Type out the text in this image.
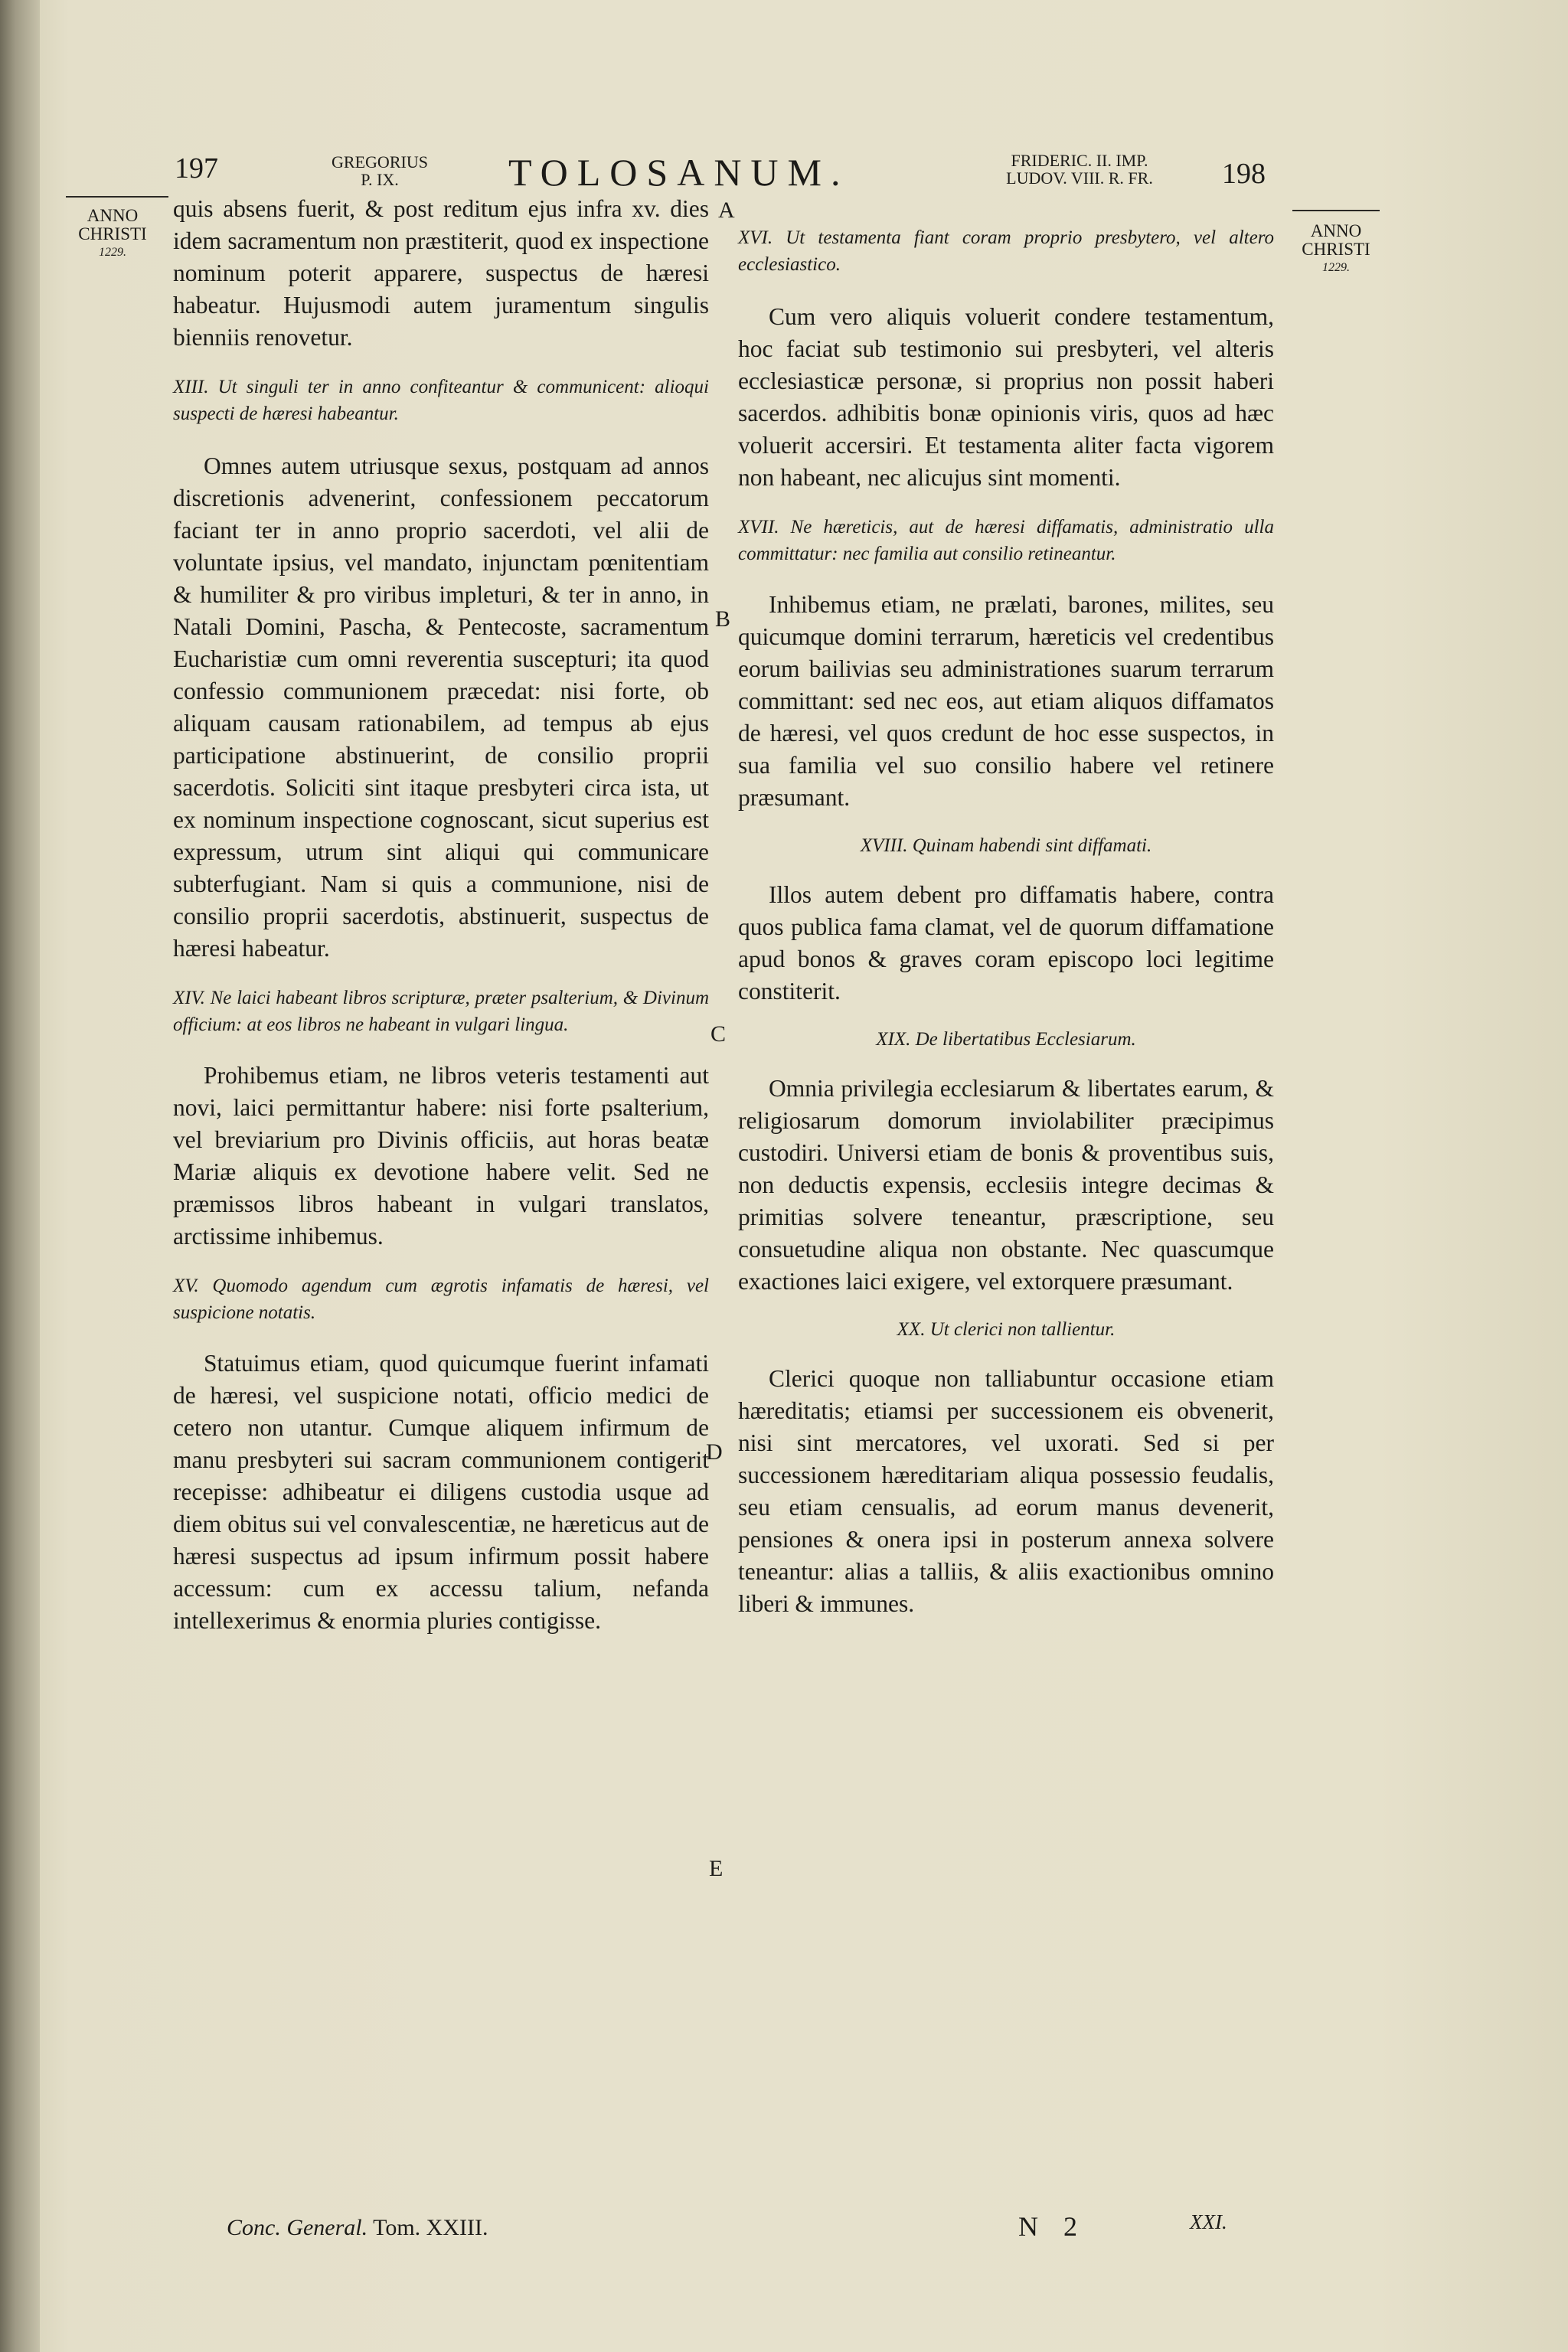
197	GREGORIUS
P. IX.	TOLOSANUM.	FRIDERIC. II. IMP.
LUDOV. VIII. R. FR.	198
ANNO
CHRISTI
1229.
ANNO
CHRISTI
1229.
A
B
C
D
E

quis absens fuerit, & post reditum ejus infra xv. dies idem sacramentum non præstiterit, quod ex inspectione nominum poterit apparere, suspectus de hæresi habeatur. Hujusmodi autem juramentum singulis bienniis renovetur.

XIII. Ut singuli ter in anno confiteantur & communicent: alioqui suspecti de hæresi habeantur.

Omnes autem utriusque sexus, postquam ad annos discretionis advenerint, confessionem peccatorum faciant ter in anno proprio sacerdoti, vel alii de voluntate ipsius, vel mandato, injunctam pœnitentiam & humiliter & pro viribus impleturi, & ter in anno, in Natali Domini, Pascha, & Pentecoste, sacramentum Eucharistiæ cum omni reverentia suscepturi; ita quod confessio communionem præcedat: nisi forte, ob aliquam causam rationabilem, ad tempus ab ejus participatione abstinuerint, de consilio proprii sacerdotis. Soliciti sint itaque presbyteri circa ista, ut ex nominum inspectione cognoscant, sicut superius est expressum, utrum sint aliqui qui communicare subterfugiant. Nam si quis a communione, nisi de consilio proprii sacerdotis, abstinuerit, suspectus de hæresi habeatur.

XIV. Ne laici habeant libros scripturæ, præter psalterium, & Divinum officium: at eos libros ne habeant in vulgari lingua.

Prohibemus etiam, ne libros veteris testamenti aut novi, laici permittantur habere: nisi forte psalterium, vel breviarium pro Divinis officiis, aut horas beatæ Mariæ aliquis ex devotione habere velit. Sed ne præmissos libros habeant in vulgari translatos, arctissime inhibemus.

XV. Quomodo agendum cum ægrotis infamatis de hæresi, vel suspicione notatis.

Statuimus etiam, quod quicumque fuerint infamati de hæresi, vel suspicione notati, officio medici de cetero non utantur. Cumque aliquem infirmum de manu presbyteri sui sacram communionem contigerit recepisse: adhibeatur ei diligens custodia usque ad diem obitus sui vel convalescentiæ, ne hæreticus aut de hæresi suspectus ad ipsum infirmum possit habere accessum: cum ex accessu talium, nefanda intellexerimus & enormia pluries contigisse.

XVI. Ut testamenta fiant coram proprio presbytero, vel altero ecclesiastico.

Cum vero aliquis voluerit condere testamentum, hoc faciat sub testimonio sui presbyteri, vel alteris ecclesiasticæ personæ, si proprius non possit haberi sacerdos. adhibitis bonæ opinionis viris, quos ad hæc voluerit accersiri. Et testamenta aliter facta vigorem non habeant, nec alicujus sint momenti.

XVII. Ne hæreticis, aut de hæresi diffamatis, administratio ulla committatur: nec familia aut consilio retineantur.

Inhibemus etiam, ne prælati, barones, milites, seu quicumque domini terrarum, hæreticis vel credentibus eorum bailivias seu administrationes suarum terrarum committant: sed nec eos, aut etiam aliquos diffamatos de hæresi, vel quos credunt de hoc esse suspectos, in sua familia vel suo consilio habere vel retinere præsumant.

XVIII. Quinam habendi sint diffamati.

Illos autem debent pro diffamatis habere, contra quos publica fama clamat, vel de quorum diffamatione apud bonos & graves coram episcopo loci legitime constiterit.

XIX. De libertatibus Ecclesiarum.

Omnia privilegia ecclesiarum & libertates earum, & religiosarum domorum inviolabiliter præcipimus custodiri. Universi etiam de bonis & proventibus suis, non deductis expensis, ecclesiis integre decimas & primitias solvere teneantur, præscriptione, seu consuetudine aliqua non obstante. Nec quascumque exactiones laici exigere, vel extorquere præsumant.

XX. Ut clerici non tallientur.

Clerici quoque non talliabuntur occasione etiam hæreditatis; etiamsi per successionem eis obvenerit, nisi sint mercatores, vel uxorati. Sed si per successionem hæreditariam aliqua possessio feudalis, seu etiam censualis, ad eorum manus devenerit, pensiones & onera ipsi in posterum annexa solvere teneantur: alias a talliis, & aliis exactionibus omnino liberi & immunes.

Conc. General. Tom. XXIII.	N 2	XXI.
